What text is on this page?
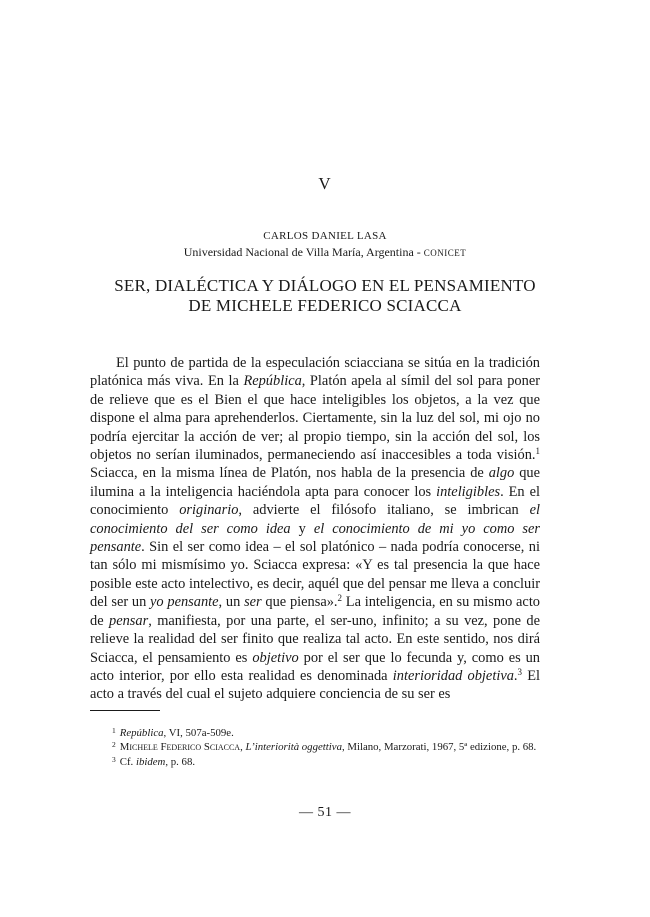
V
CARLOS DANIEL LASA
Universidad Nacional de Villa María, Argentina - CONICET
SER, DIALÉCTICA Y DIÁLOGO EN EL PENSAMIENTO
DE MICHELE FEDERICO SCIACCA

El punto de partida de la especulación sciacciana se sitúa en la tradición platónica más viva. En la República, Platón apela al símil del sol para poner de relieve que es el Bien el que hace inteligibles los objetos, a la vez que dispone el alma para aprehenderlos. Ciertamente, sin la luz del sol, mi ojo no podría ejercitar la acción de ver; al propio tiempo, sin la acción del sol, los objetos no serían iluminados, permaneciendo así inaccesibles a toda visión.$^1$ Sciacca, en la misma línea de Platón, nos habla de la presencia de algo que ilumina a la inteligencia haciéndola apta para conocer los inteligibles. En el conocimiento originario, advierte el filósofo italiano, se imbrican el conocimiento del ser como idea y el conocimiento de mi yo como ser pensante. Sin el ser como idea – el sol platónico – nada podría conocerse, ni tan sólo mi mismísimo yo. Sciacca expresa: «Y es tal presencia la que hace posible este acto intelectivo, es decir, aquél que del pensar me lleva a concluir del ser un yo pensante, un ser que piensa».$^2$ La inteligencia, en su mismo acto de pensar, manifiesta, por una parte, el ser-uno, infinito; a su vez, pone de relieve la realidad del ser finito que realiza tal acto. En este sentido, nos dirá Sciacca, el pensamiento es objetivo por el ser que lo fecunda y, como es un acto interior, por ello esta realidad es denominada interioridad objetiva.$^3$ El acto a través del cual el sujeto adquiere conciencia de su ser es

$^1$ República, VI, 507a-509e.

$^2$ Michele Federico Sciacca, L’interiorità oggettiva, Milano, Marzorati, 1967, 5ª edizione, p. 68.

$^3$ Cf. ibidem, p. 68.

— 51 —
